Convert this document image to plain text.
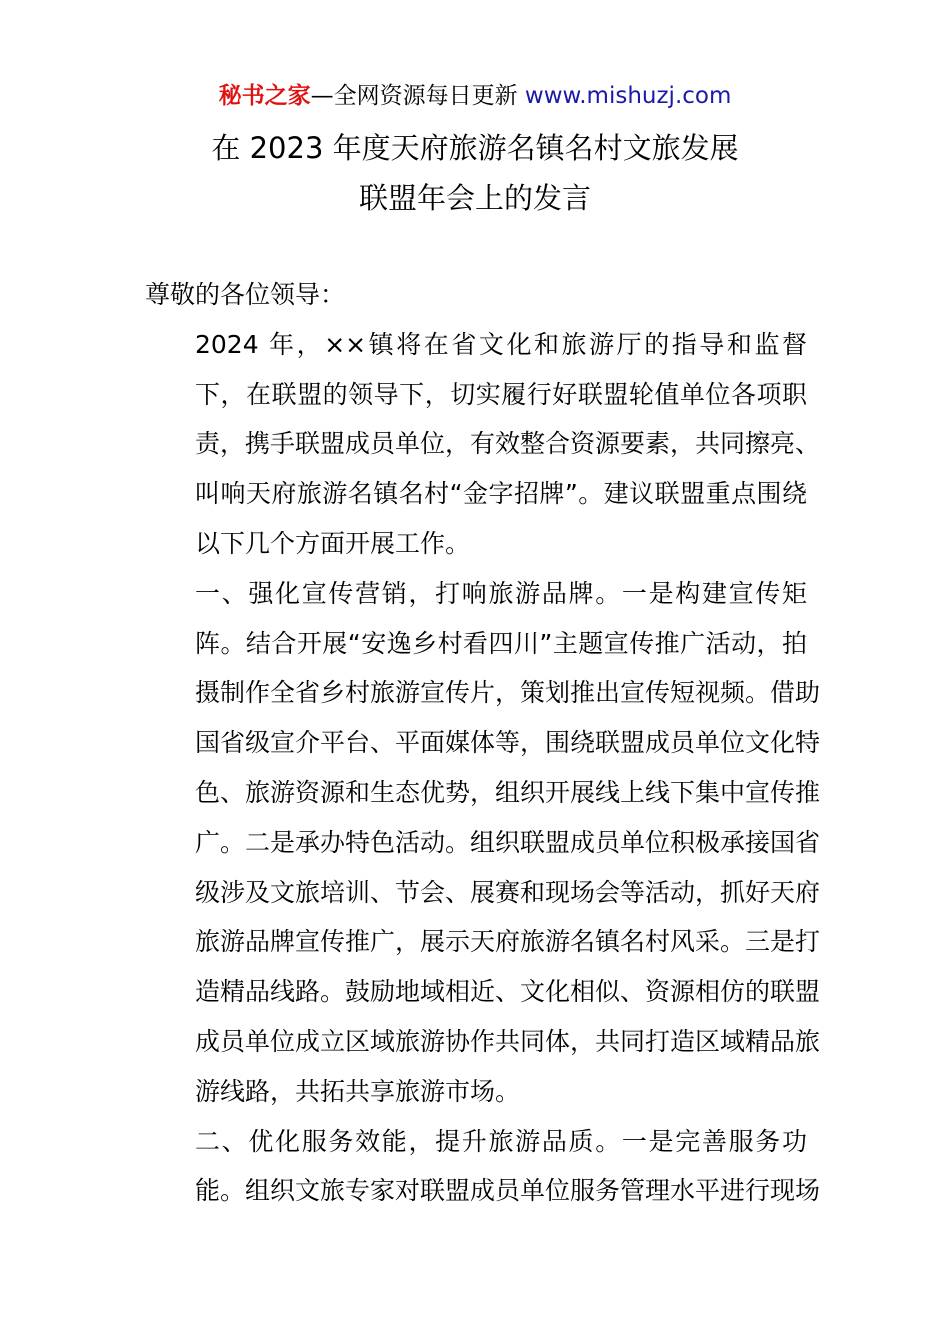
秘书之家—全网资源每日更新 www.mishuzj.com
在 2023 年度天府旅游名镇名村文旅发展
联盟年会上的发言

尊敬的各位领导：

2024 年，××镇将在省文化和旅游厅的指导和监督
下，在联盟的领导下，切实履行好联盟轮值单位各项职
责，携手联盟成员单位，有效整合资源要素，共同擦亮、
叫响天府旅游名镇名村“金字招牌”。建议联盟重点围绕
以下几个方面开展工作。

一、强化宣传营销，打响旅游品牌。一是构建宣传矩
阵。结合开展“安逸乡村看四川”主题宣传推广活动，拍
摄制作全省乡村旅游宣传片，策划推出宣传短视频。借助
国省级宣介平台、平面媒体等，围绕联盟成员单位文化特
色、旅游资源和生态优势，组织开展线上线下集中宣传推
广。二是承办特色活动。组织联盟成员单位积极承接国省
级涉及文旅培训、节会、展赛和现场会等活动，抓好天府
旅游品牌宣传推广，展示天府旅游名镇名村风采。三是打
造精品线路。鼓励地域相近、文化相似、资源相仿的联盟
成员单位成立区域旅游协作共同体，共同打造区域精品旅
游线路，共拓共享旅游市场。

二、优化服务效能，提升旅游品质。一是完善服务功
能。组织文旅专家对联盟成员单位服务管理水平进行现场
